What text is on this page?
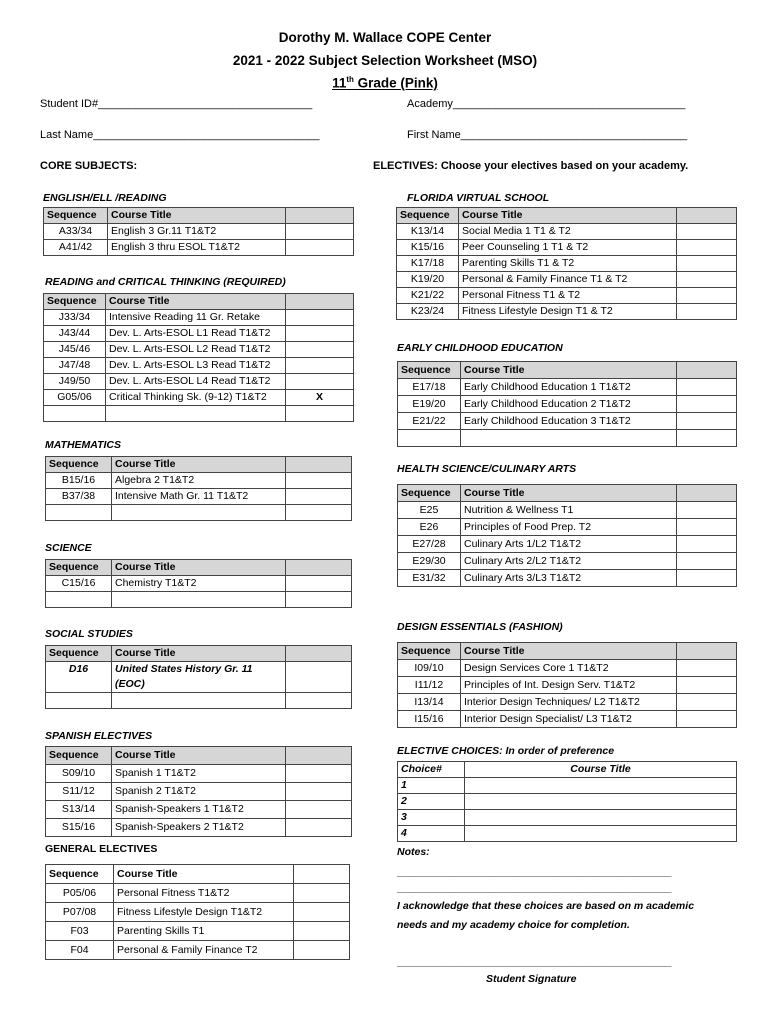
Dorothy M. Wallace COPE Center
2021 - 2022 Subject Selection Worksheet (MSO)
11th Grade (Pink)
Student ID#___________________________________	Academy______________________________________
Last Name_____________________________________	First Name_____________________________________
CORE SUBJECTS:	ELECTIVES: Choose your electives based on your academy.
ENGLISH/ELL /READING
Sequence	Course Title	
A33/34	English 3 Gr.11 T1&T2	
A41/42	English 3 thru ESOL T1&T2	
READING and CRITICAL THINKING (REQUIRED)
Sequence	Course Title	
J33/34	Intensive Reading 11 Gr. Retake	
J43/44	Dev. L. Arts-ESOL L1 Read T1&T2	
J45/46	Dev. L. Arts-ESOL L2 Read T1&T2	
J47/48	Dev. L. Arts-ESOL L3 Read T1&T2	
J49/50	Dev. L. Arts-ESOL L4 Read T1&T2	
G05/06	Critical Thinking Sk. (9-12) T1&T2	X

MATHEMATICS
Sequence	Course Title	
B15/16	Algebra 2 T1&T2	
B37/38	Intensive Math Gr. 11 T1&T2	

SCIENCE
Sequence	Course Title	
C15/16	Chemistry T1&T2	

SOCIAL STUDIES
Sequence	Course Title	
D16	United States History Gr. 11
(EOC)	

SPANISH ELECTIVES
Sequence	Course Title	
S09/10	Spanish 1 T1&T2	
S11/12	Spanish 2 T1&T2	
S13/14	Spanish-Speakers 1 T1&T2	
S15/16	Spanish-Speakers 2 T1&T2	
GENERAL ELECTIVES
Sequence	Course Title	
P05/06	Personal Fitness T1&T2	
P07/08	Fitness Lifestyle Design T1&T2	
F03	Parenting Skills T1	
F04	Personal & Family Finance T2	
FLORIDA VIRTUAL SCHOOL
Sequence	Course Title	
K13/14	Social Media 1 T1 & T2	
K15/16	Peer Counseling 1 T1 & T2	
K17/18	Parenting Skills T1 & T2	
K19/20	Personal & Family Finance T1 & T2	
K21/22	Personal Fitness T1 & T2	
K23/24	Fitness Lifestyle Design T1 & T2	
EARLY CHILDHOOD EDUCATION
Sequence	Course Title	
E17/18	Early Childhood Education 1 T1&T2	
E19/20	Early Childhood Education 2 T1&T2	
E21/22	Early Childhood Education 3 T1&T2	

HEALTH SCIENCE/CULINARY ARTS
Sequence	Course Title	
E25	Nutrition & Wellness T1	
E26	Principles of Food Prep. T2	
E27/28	Culinary Arts 1/L2 T1&T2	
E29/30	Culinary Arts 2/L2 T1&T2	
E31/32	Culinary Arts 3/L3 T1&T2	
DESIGN ESSENTIALS (FASHION)
Sequence	Course Title	
I09/10	Design Services Core 1 T1&T2	
I11/12	Principles of Int. Design Serv. T1&T2	
I13/14	Interior Design Techniques/ L2 T1&T2	
I15/16	Interior Design Specialist/ L3 T1&T2	
ELECTIVE CHOICES: In order of preference
Choice#	Course Title
1	
2	
3	
4	
Notes:
_______________________________________________
_______________________________________________
I acknowledge that these choices are based on m academic
needs and my academy choice for completion.
_______________________________________________
Student Signature
